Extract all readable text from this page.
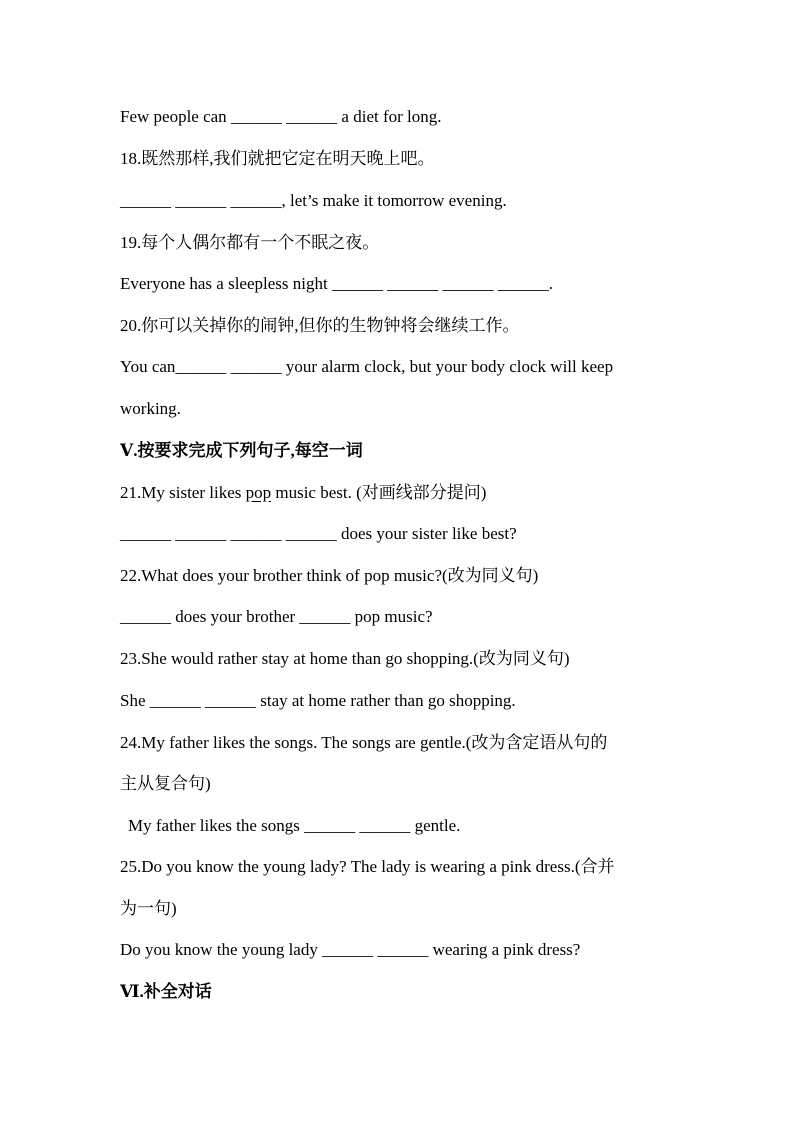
Few people can ______ ______ a diet for long.
18.既然那样,我们就把它定在明天晚上吧。
______ ______ ______, let’s make it tomorrow evening.
19.每个人偶尔都有一个不眠之夜。
Everyone has a sleepless night ______ ______ ______ ______.
20.你可以关掉你的闹钟,但你的生物钟将会继续工作。
You can______ ______ your alarm clock, but your body clock will keep
working.
Ⅴ.按要求完成下列句子,每空一词
21.My sister likes pop music best. (对画线部分提问)
______ ______ ______ ______ does your sister like best?
22.What does your brother think of pop music?(改为同义句)
______ does your brother ______ pop music?
23.She would rather stay at home than go shopping.(改为同义句)
She ______ ______ stay at home rather than go shopping.
24.My father likes the songs. The songs are gentle.(改为含定语从句的
主从复合句)
My father likes the songs ______ ______ gentle.
25.Do you know the young lady? The lady is wearing a pink dress.(合并
为一句)
Do you know the young lady ______ ______ wearing a pink dress?
Ⅵ.补全对话
